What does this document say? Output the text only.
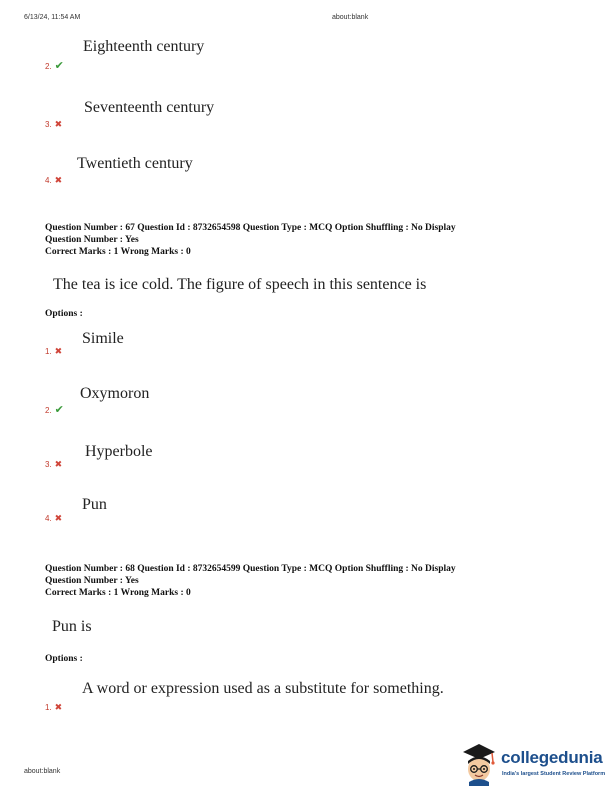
6/13/24, 11:54 AM	about:blank
Eighteenth century
2. ✔
Seventeenth century
3. ✖
Twentieth century
4. ✖
Question Number : 67 Question Id : 8732654598 Question Type : MCQ Option Shuffling : No Display
Question Number : Yes
Correct Marks : 1 Wrong Marks : 0
The tea is ice cold. The figure of speech in this sentence is
Options :
Simile
1. ✖
Oxymoron
2. ✔
Hyperbole
3. ✖
Pun
4. ✖
Question Number : 68 Question Id : 8732654599 Question Type : MCQ Option Shuffling : No Display
Question Number : Yes
Correct Marks : 1 Wrong Marks : 0
Pun is
Options :
A word or expression used as a substitute for something.
1. ✖
about:blank
collegedunia
India's largest Student Review Platform
